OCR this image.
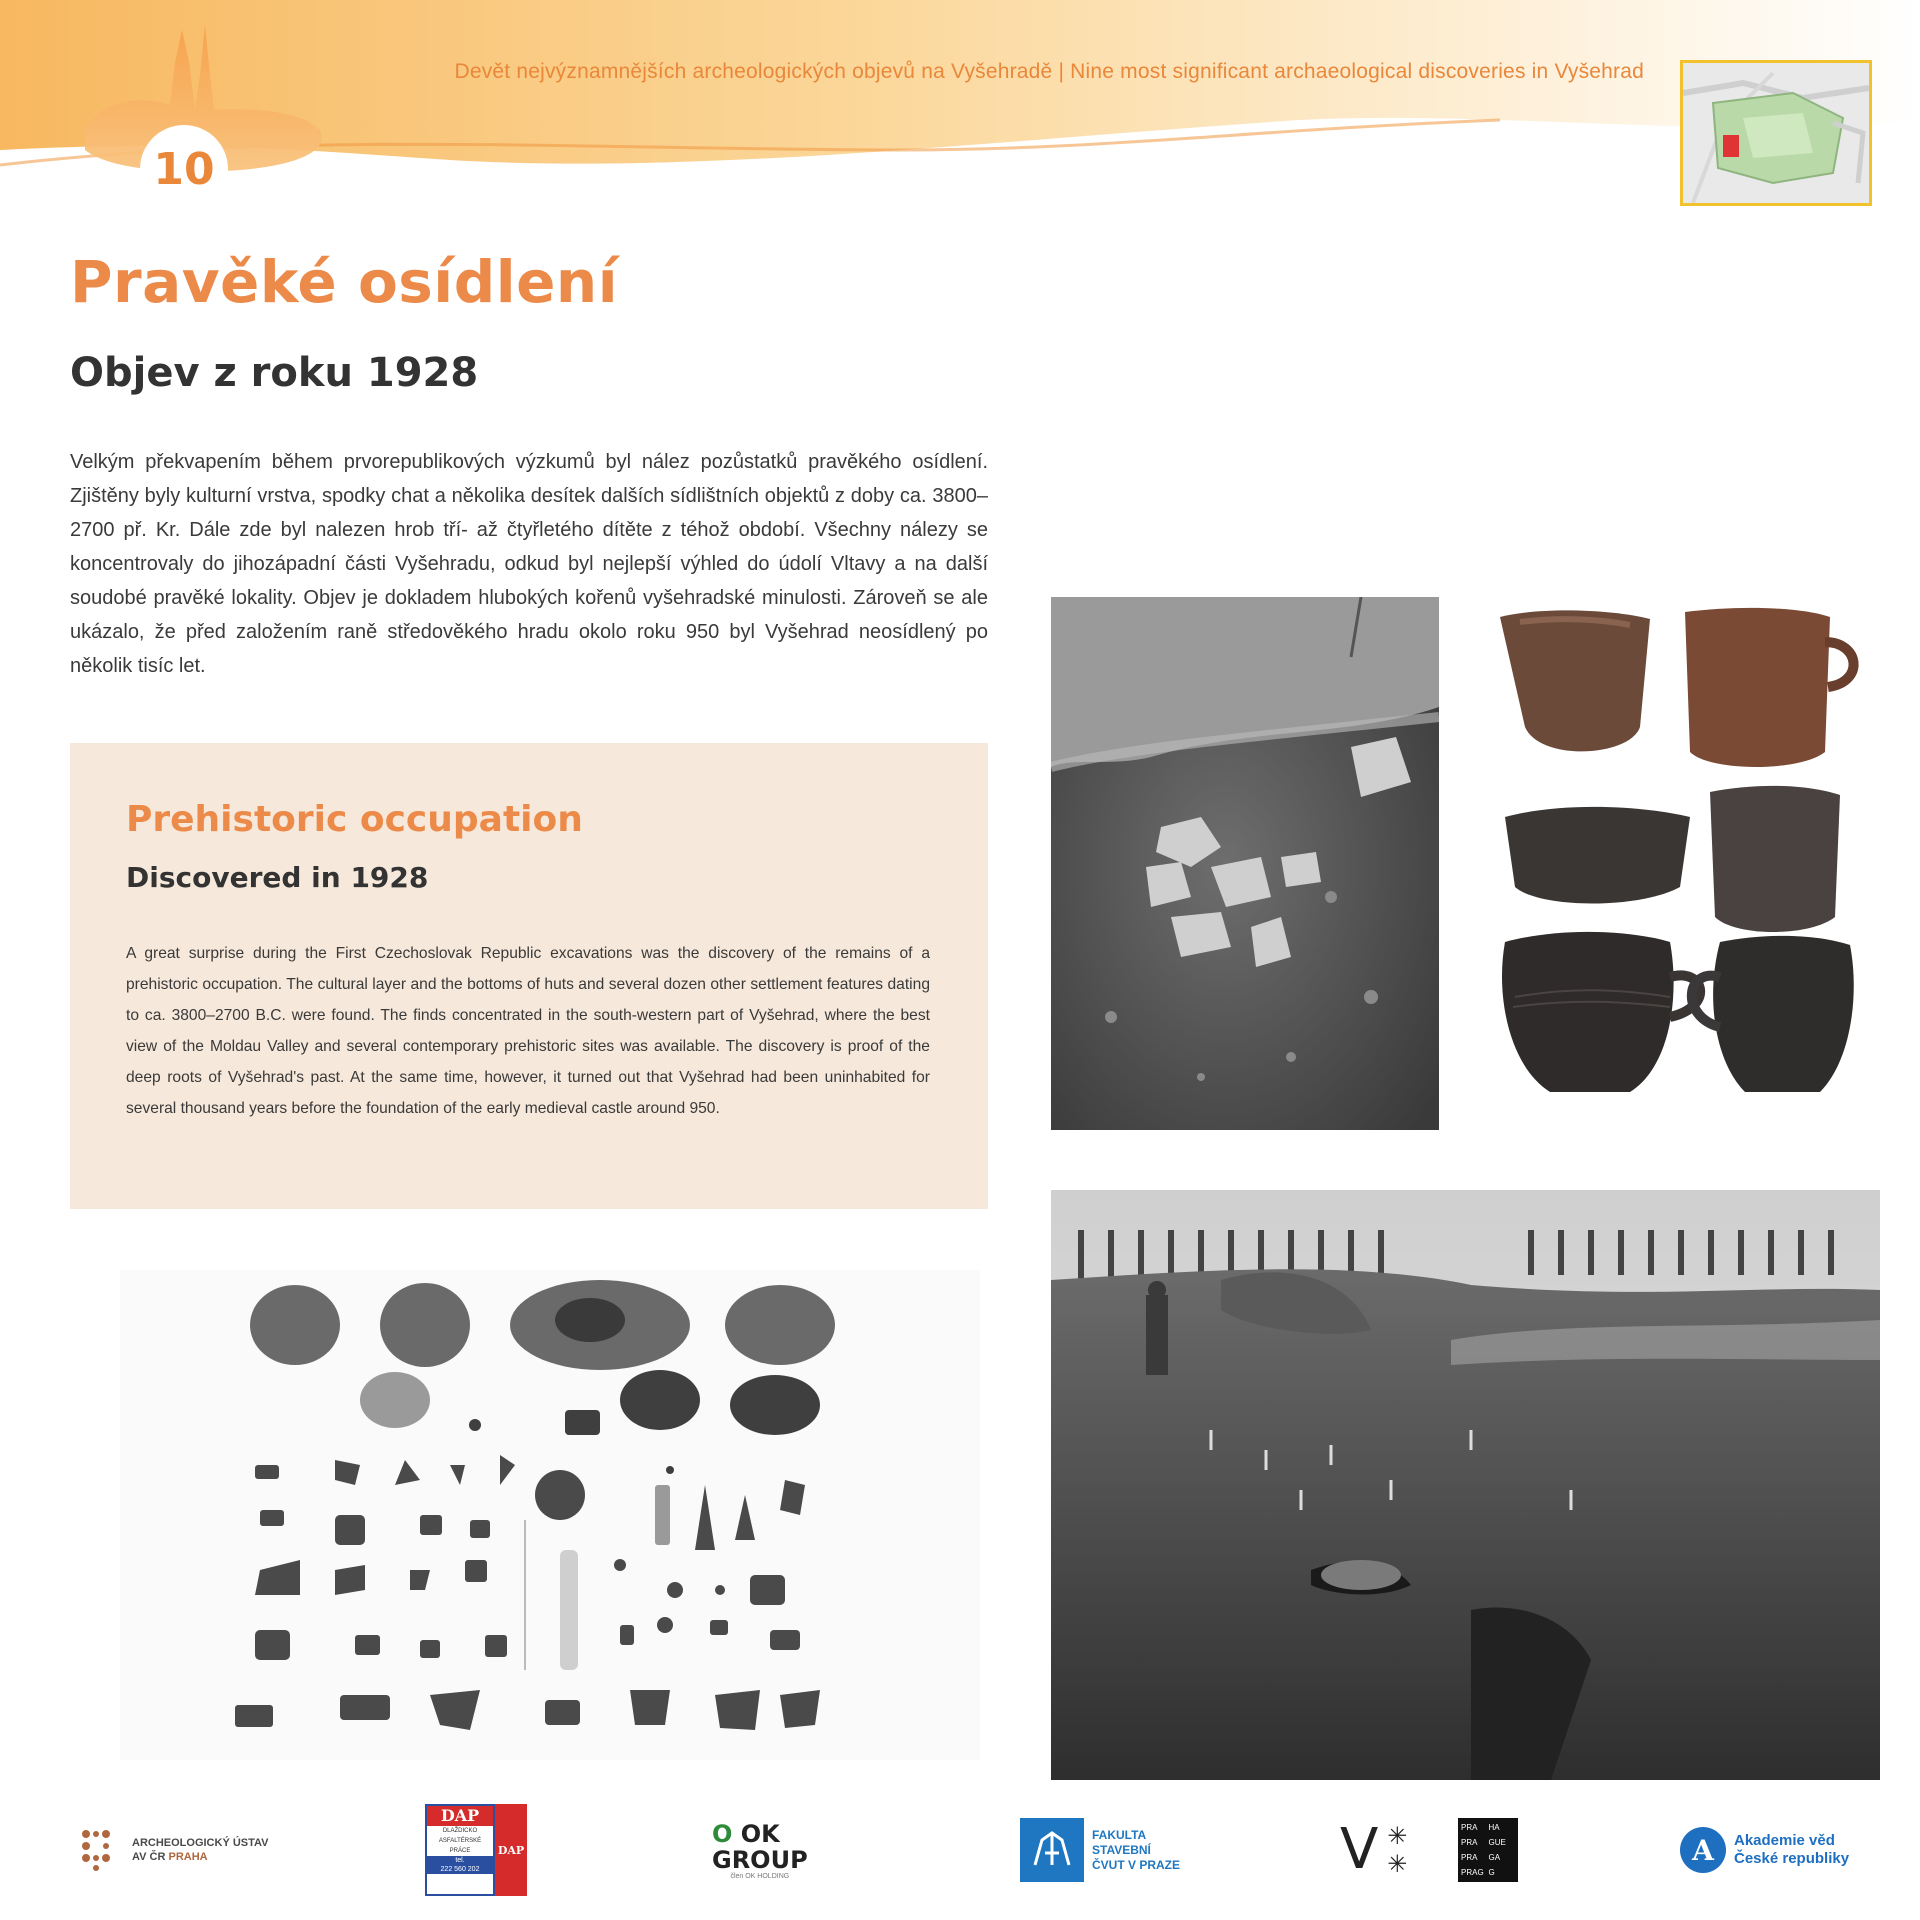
Devět nejvýznamnějších archeologických objevů na Vyšehradě | Nine most significant archaeological discoveries in Vyšehrad
10
Pravěké osídlení
Objev z roku 1928

Velkým překvapením během prvorepublikových výzkumů byl nález pozůstatků pravěkého osídlení. Zjištěny byly kulturní vrstva, spodky chat a několika desítek dalších sídlištních objektů z doby ca. 3800–2700 př. Kr. Dále zde byl nalezen hrob tří- až čtyřletého dítěte z téhož období. Všechny nálezy se koncentrovaly do jihozápadní části Vyšehradu, odkud byl nejlepší výhled do údolí Vltavy a na další soudobé pravěké lokality. Objev je dokladem hlubokých kořenů vyšehradské minulosti. Zároveň se ale ukázalo, že před založením raně středověkého hradu okolo roku 950 byl Vyšehrad neosídlený po několik tisíc let.

Prehistoric occupation
Discovered in 1928

A great surprise during the First Czechoslovak Republic excavations was the discovery of the remains of a prehistoric occupation. The cultural layer and the bottoms of huts and several dozen other settlement features dating to ca. 3800–2700 B.C. were found. The finds concentrated in the south-western part of Vyšehrad, where the best view of the Moldau Valley and several contemporary prehistoric sites was available. The discovery is proof of the deep roots of Vyšehrad's past. At the same time, however, it turned out that Vyšehrad had been uninhabited for several thousand years before the foundation of the early medieval castle around 950.

ARCHEOLOGICKÝ ÚSTAV
AV ČR PRAHA
DAP
DLAŽDICKO
ASFALTÉRSKÉ
PRÁCE
tel.
222 560 202
DAP
O OK
GROUP
člen OK HOLDING
FAKULTA
STAVEBNÍ
ČVUT V PRAZE	V ✳✳	PRA	HA
PRA	GUE
PRA	GA
PRAG G
A	Akademie věd
České republiky
